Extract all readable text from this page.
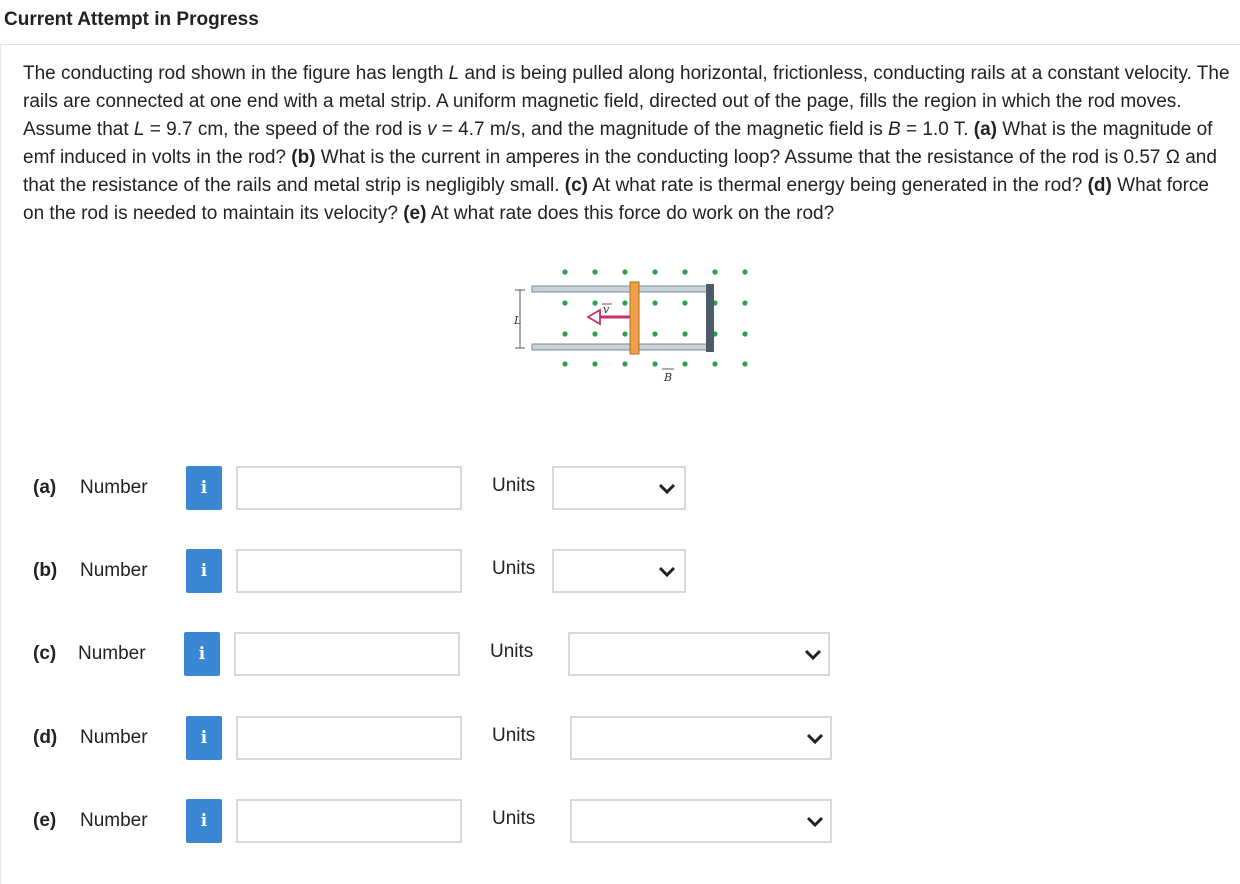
Current Attempt in Progress
The conducting rod shown in the figure has length L and is being pulled along horizontal, frictionless, conducting rails at a constant velocity. The rails are connected at one end with a metal strip. A uniform magnetic field, directed out of the page, fills the region in which the rod moves. Assume that L = 9.7 cm, the speed of the rod is v = 4.7 m/s, and the magnitude of the magnetic field is B = 1.0 T. (a) What is the magnitude of emf induced in volts in the rod? (b) What is the current in amperes in the conducting loop? Assume that the resistance of the rod is 0.57 Ω and that the resistance of the rails and metal strip is negligibly small. (c) At what rate is thermal energy being generated in the rod? (d) What force on the rod is needed to maintain its velocity? (e) At what rate does this force do work on the rod?
L
v
B
(a) Number	i	Units
(b) Number	i	Units
(c) Number	i	Units
(d) Number	i	Units
(e) Number	i	Units
